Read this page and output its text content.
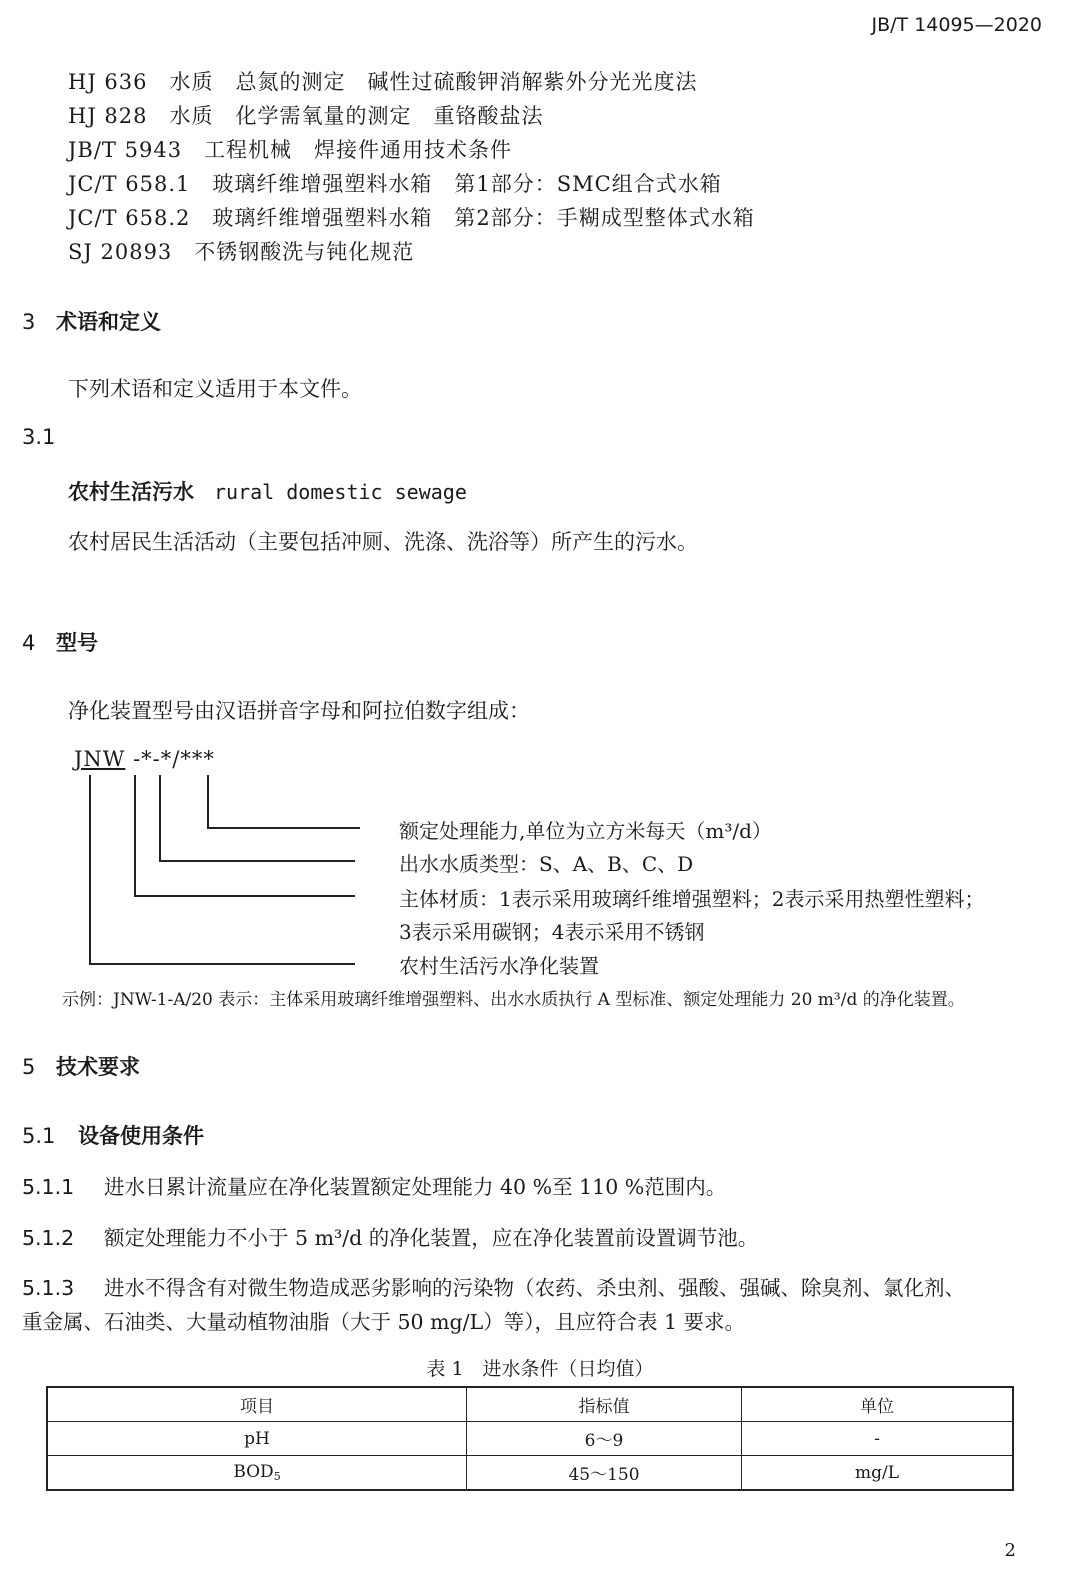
JB/T 14095—2020
HJ 636 水质　总氮的测定　碱性过硫酸钾消解紫外分光光度法
HJ 828 水质　化学需氧量的测定　重铬酸盐法
JB/T 5943 工程机械　焊接件通用技术条件
JC/T 658.1 玻璃纤维增强塑料水箱　第1部分：SMC组合式水箱
JC/T 658.2 玻璃纤维增强塑料水箱　第2部分：手糊成型整体式水箱
SJ 20893 不锈钢酸洗与钝化规范
3 术语和定义
下列术语和定义适用于本文件。
3.1
农村生活污水 rural domestic sewage
农村居民生活活动（主要包括冲厕、洗涤、洗浴等）所产生的污水。
4 型号
净化装置型号由汉语拼音字母和阿拉伯数字组成：
JNW -*-*/***
额定处理能力,单位为立方米每天（m³/d）
出水水质类型：S、A、B、C、D
主体材质：1表示采用玻璃纤维增强塑料；2表示采用热塑性塑料；
3表示采用碳钢；4表示采用不锈钢
农村生活污水净化装置
示例：JNW-1-A/20 表示：主体采用玻璃纤维增强塑料、出水水质执行 A 型标准、额定处理能力 20 m³/d 的净化装置。
5 技术要求
5.1 设备使用条件
5.1.1 进水日累计流量应在净化装置额定处理能力 40 %至 110 %范围内。
5.1.2 额定处理能力不小于 5 m³/d 的净化装置，应在净化装置前设置调节池。
5.1.3 进水不得含有对微生物造成恶劣影响的污染物（农药、杀虫剂、强酸、强碱、除臭剂、氯化剂、
重金属、石油类、大量动植物油脂（大于 50 mg/L）等），且应符合表 1 要求。
表 1　进水条件（日均值）
项目	指标值	单位
pH	6～9	-
$BOD_5$	45～150	mg/L
2
